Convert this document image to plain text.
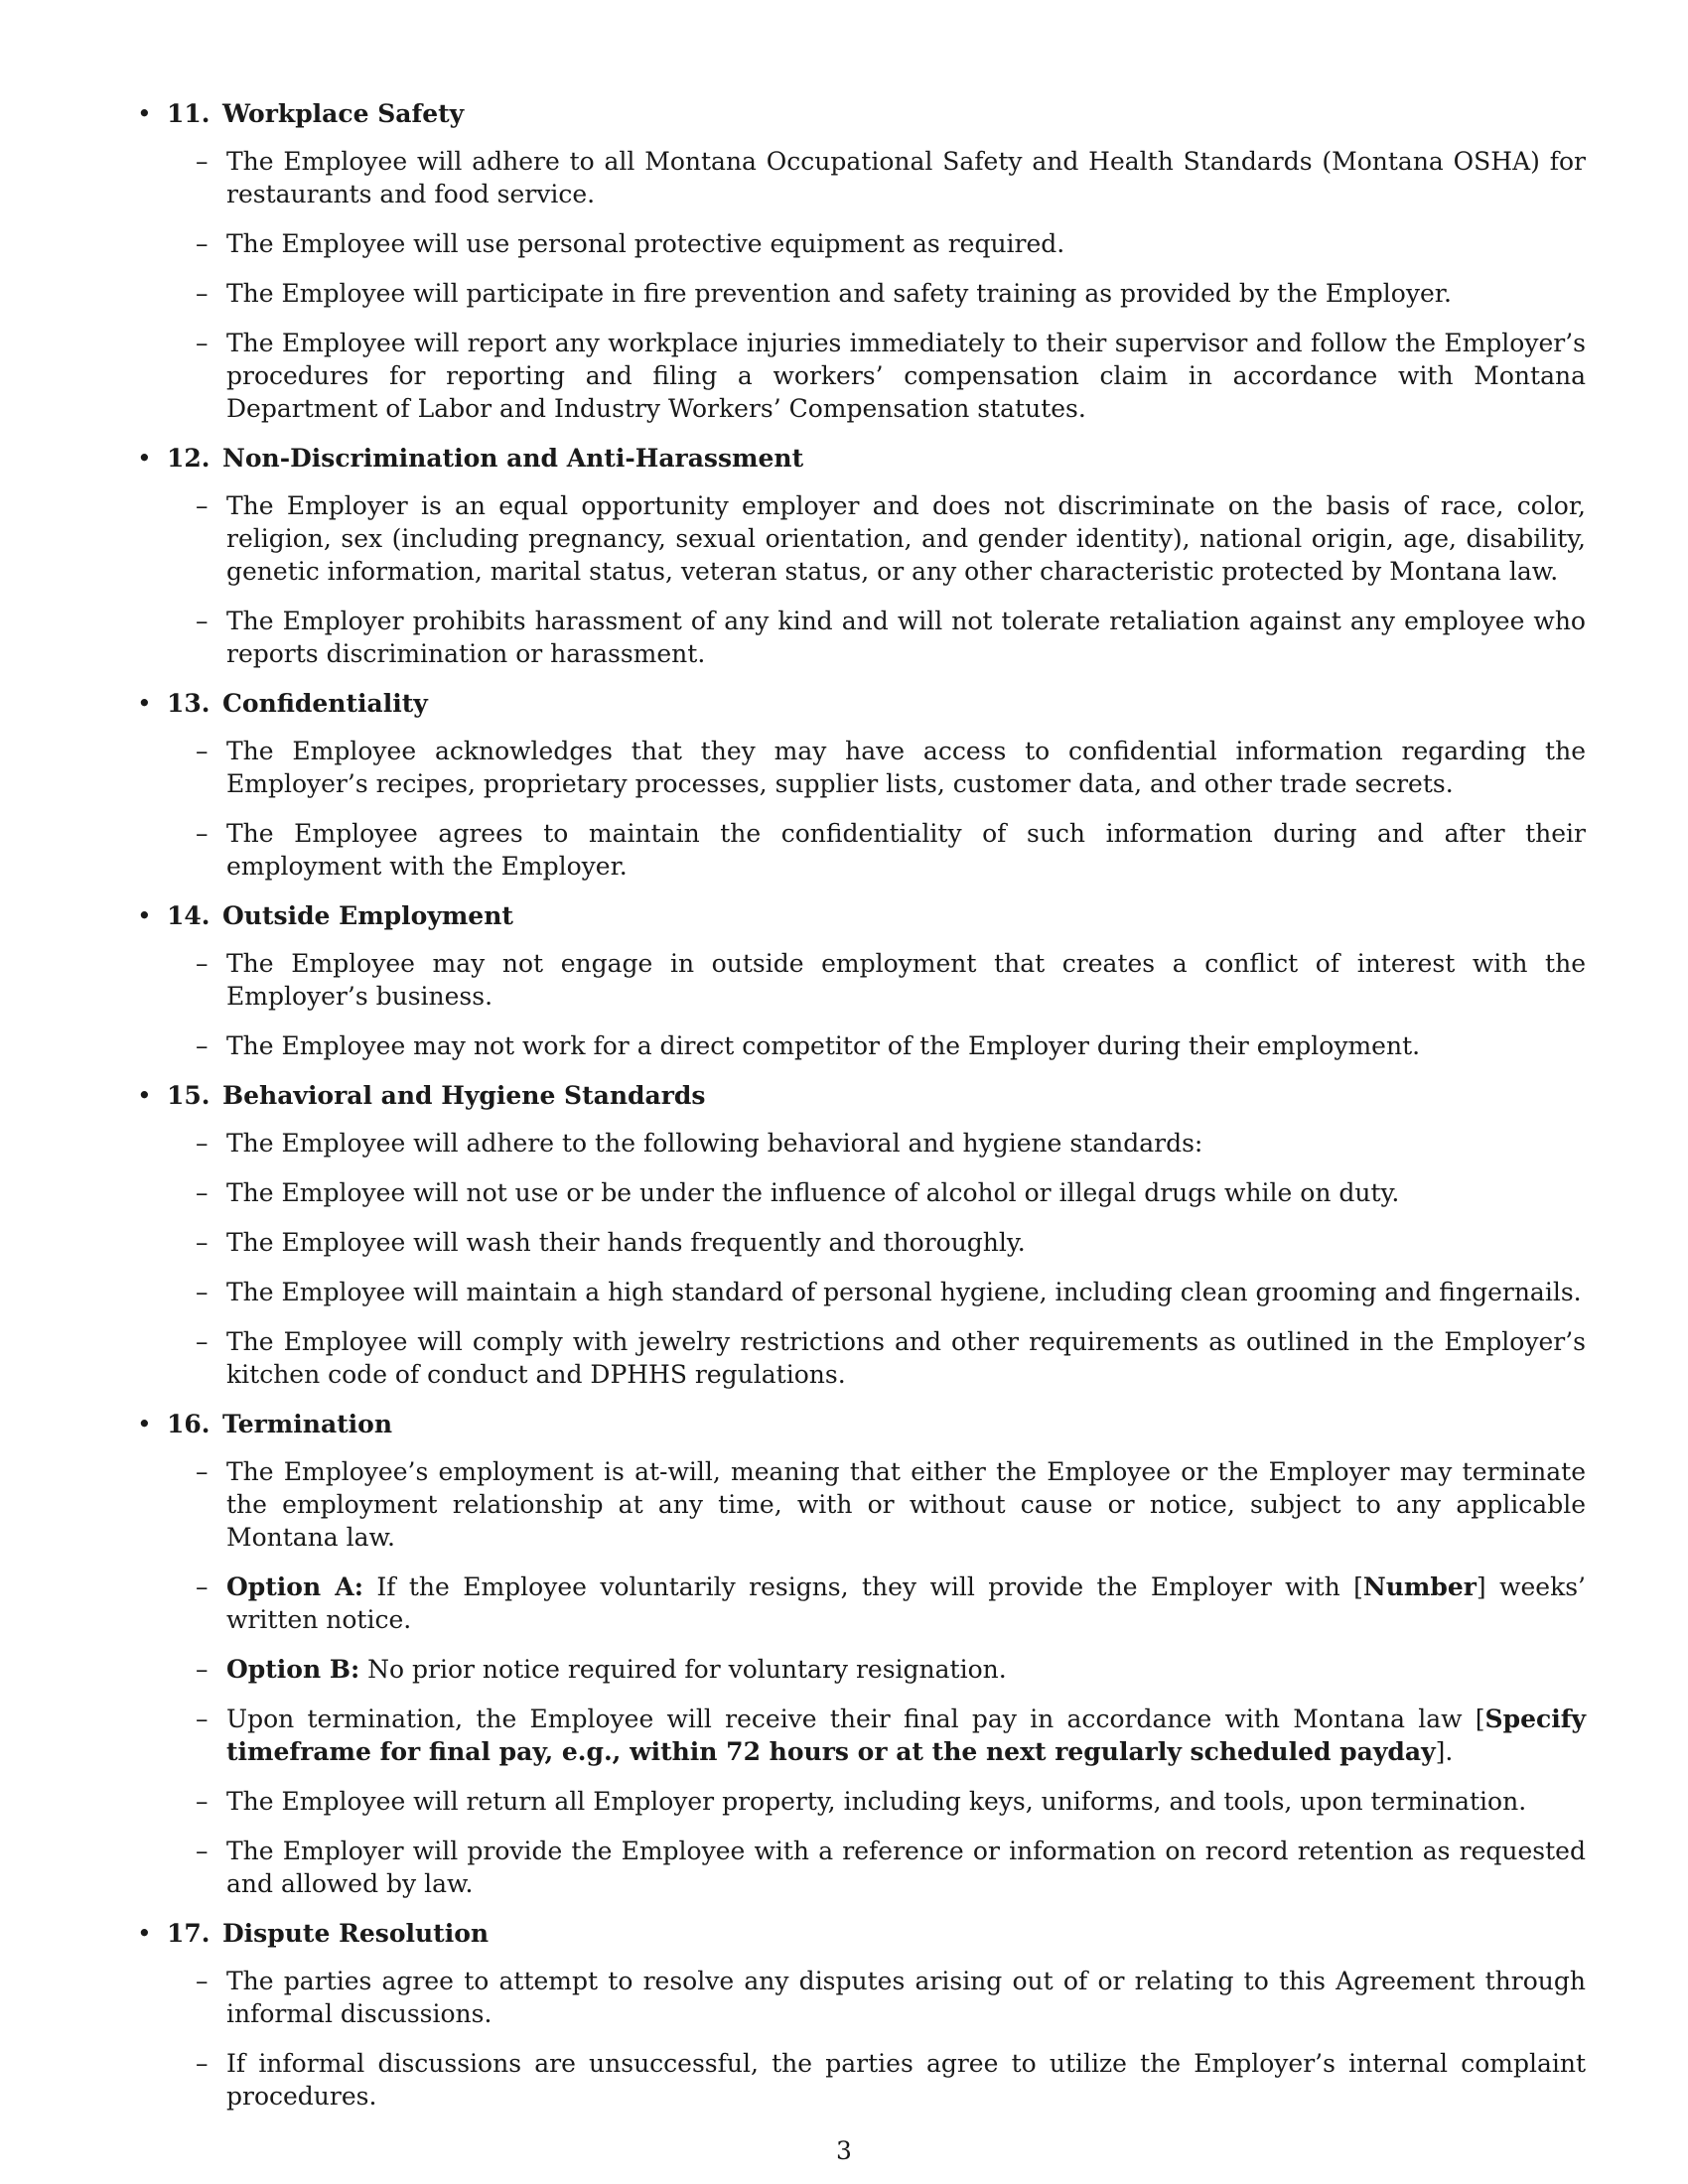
• 11.  Workplace Safety
– The Employee will adhere to all Montana Occupational Safety and Health Standards (Montana OSHA) for restaurants and food service.
– The Employee will use personal protective equipment as required.
– The Employee will participate in fire prevention and safety training as provided by the Employer.
– The Employee will report any workplace injuries immediately to their supervisor and follow the Employer’s procedures for reporting and filing a workers’ compensation claim in accordance with Montana Department of Labor and Industry Workers’ Compensation statutes.
• 12.  Non-Discrimination and Anti-Harassment
– The Employer is an equal opportunity employer and does not discriminate on the basis of race, color, religion, sex (including pregnancy, sexual orientation, and gender identity), national origin, age, disability, genetic information, marital status, veteran status, or any other characteristic protected by Montana law.
– The Employer prohibits harassment of any kind and will not tolerate retaliation against any employee who reports discrimination or harassment.
• 13.  Confidentiality
– The Employee acknowledges that they may have access to confidential information regarding the Employer’s recipes, proprietary processes, supplier lists, customer data, and other trade secrets.
– The Employee agrees to maintain the confidentiality of such information during and after their employment with the Employer.
• 14.  Outside Employment
– The Employee may not engage in outside employment that creates a conflict of interest with the Employer’s business.
– The Employee may not work for a direct competitor of the Employer during their employment.
• 15.  Behavioral and Hygiene Standards
– The Employee will adhere to the following behavioral and hygiene standards:
– The Employee will not use or be under the influence of alcohol or illegal drugs while on duty.
– The Employee will wash their hands frequently and thoroughly.
– The Employee will maintain a high standard of personal hygiene, including clean grooming and fingernails.
– The Employee will comply with jewelry restrictions and other requirements as outlined in the Employer’s kitchen code of conduct and DPHHS regulations.
• 16.  Termination
– The Employee’s employment is at-will, meaning that either the Employee or the Employer may terminate the employment relationship at any time, with or without cause or notice, subject to any applicable Montana law.
– Option A: If the Employee voluntarily resigns, they will provide the Employer with [Number] weeks’ written notice.
– Option B: No prior notice required for voluntary resignation.
– Upon termination, the Employee will receive their final pay in accordance with Montana law [Specify timeframe for final pay, e.g., within 72 hours or at the next regularly scheduled payday].
– The Employee will return all Employer property, including keys, uniforms, and tools, upon termination.
– The Employer will provide the Employee with a reference or information on record retention as requested and allowed by law.
• 17.  Dispute Resolution
– The parties agree to attempt to resolve any disputes arising out of or relating to this Agreement through informal discussions.
– If informal discussions are unsuccessful, the parties agree to utilize the Employer’s internal complaint procedures.
3
